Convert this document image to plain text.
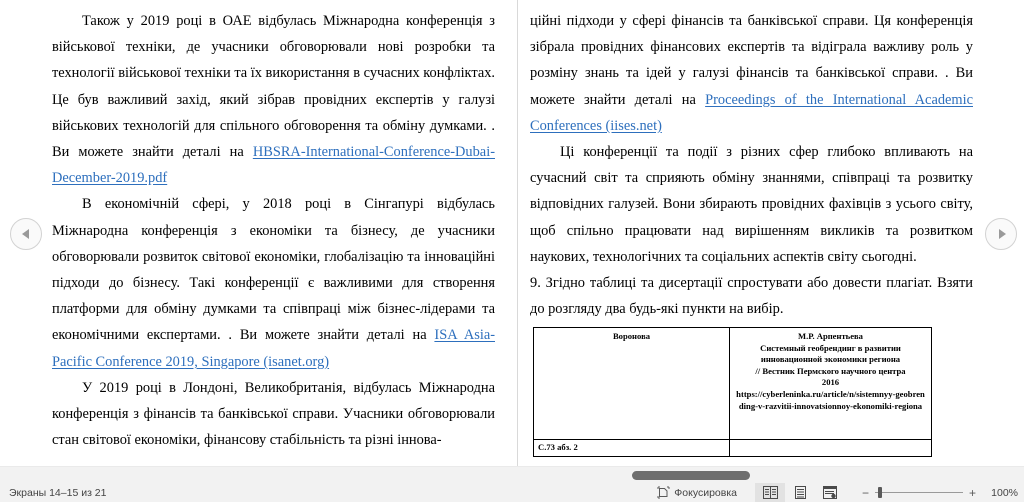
Також у 2019 році в ОАЕ відбулась Міжнародна конференція з військової техніки, де учасники обговорювали нові розробки та технології військової техніки та їх використання в сучасних конфліктах. Це був важливий захід, який зібрав провідних експертів у галузі військових технологій для спільного обговорення та обміну думками. . Ви можете знайти деталі на HBSRA-International-Conference-Dubai-December-2019.pdf

В економічній сфері, у 2018 році в Сінгапурі відбулась Міжнародна конференція з економіки та бізнесу, де учасники обговорювали розвиток світової економіки, глобалізацію та інноваційні підходи до бізнесу. Такі конференції є важливими для створення платформи для обміну думками та співпраці між бізнес-лідерами та економічними експертами. . Ви можете знайти деталі на ISA Asia-Pacific Conference 2019, Singapore (isanet.org)

У 2019 році в Лондоні, Великобританія, відбулась Міжнародна конференція з фінансів та банківської справи. Учасники обговорювали стан світової економіки, фінансову стабільність та різні іннова-

ційні підходи у сфері фінансів та банківської справи. Ця конференція зібрала провідних фінансових експертів та відіграла важливу роль у розміну знань та ідей у галузі фінансів та банківської справи. . Ви можете знайти деталі на Proceedings of the International Academic Conferences (iises.net)

Ці конференції та події з різних сфер глибоко впливають на сучасний світ та сприяють обміну знаннями, співпраці та розвитку відповідних галузей. Вони збирають провідних фахівців з усього світу, щоб спільно працювати над вирішенням викликів та розвитком наукових, технологічних та соціальних аспектів світу сьогодні.

9. Згідно таблиці та дисертації спростувати або довести плагіат. Взяти до розгляду два будь-які пункти на вибір.

Воронова	М.Р. Арпентьева
Системный геобрендинг в развитии
инновационной экономики региона
// Вестник Пермского научного центра
2016
https://cyberleninka.ru/article/n/sistemnyy-geobrending-v-razvitii-innovatsionnoy-ekonomiki-regiona

С.73 абз. 2	

Экраны 14–15 из 21	Фокусировка	−	+ 100%
